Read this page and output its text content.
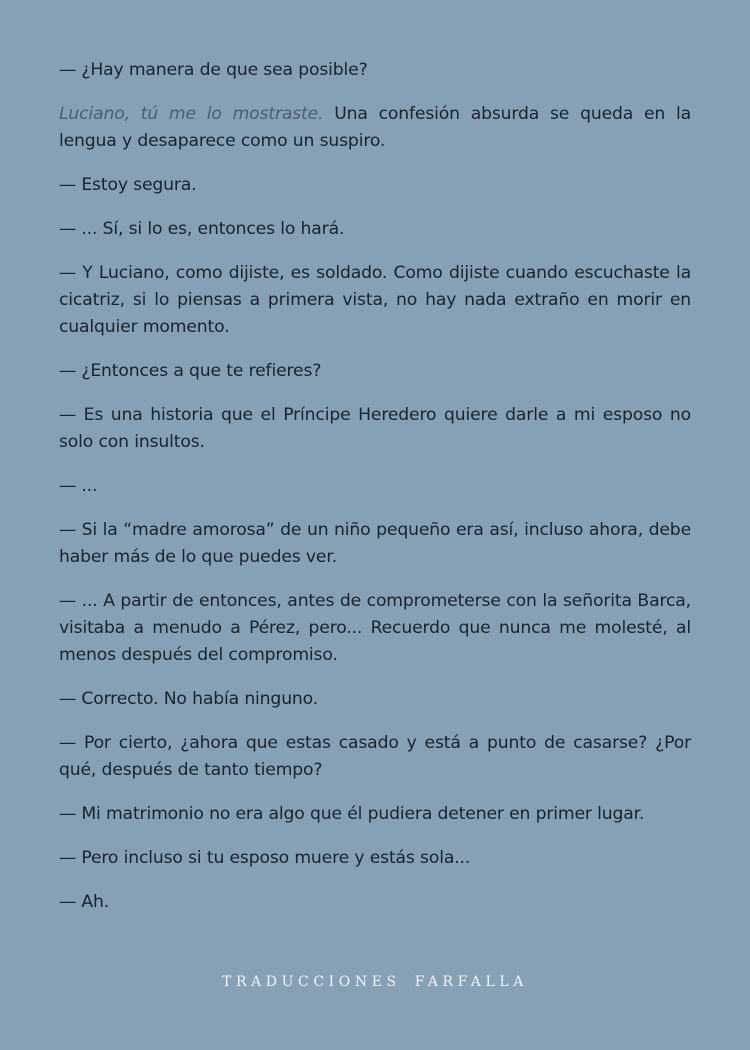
— ¿Hay manera de que sea posible?

Luciano, tú me lo mostraste. Una confesión absurda se queda en la lengua y desaparece como un suspiro.

— Estoy segura.

— ... Sí, si lo es, entonces lo hará.

— Y Luciano, como dijiste, es soldado. Como dijiste cuando escuchaste la cicatriz, si lo piensas a primera vista, no hay nada extraño en morir en cualquier momento.

— ¿Entonces a que te refieres?

— Es una historia que el Príncipe Heredero quiere darle a mi esposo no solo con insultos.

— ...

— Si la “madre amorosa” de un niño pequeño era así, incluso ahora, debe haber más de lo que puedes ver.

— ... A partir de entonces, antes de comprometerse con la señorita Barca, visitaba a menudo a Pérez, pero... Recuerdo que nunca me molesté, al menos después del compromiso.

— Correcto. No había ninguno.

— Por cierto, ¿ahora que estas casado y está a punto de casarse? ¿Por qué, después de tanto tiempo?

— Mi matrimonio no era algo que él pudiera detener en primer lugar.

— Pero incluso si tu esposo muere y estás sola...

— Ah.

TRADUCCIONES FARFALLA
